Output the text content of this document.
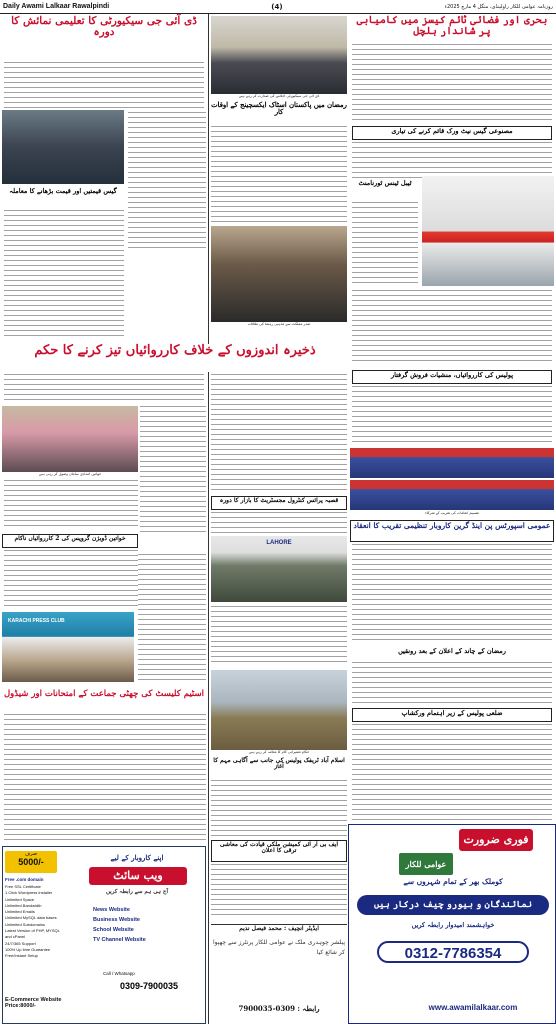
Daily Awami Lalkaar Rawalpindi	(4)	روزنامہ عوامی للکار راولپنڈی، منگل 4 مارچ 2025ء
بحری اور فضائی ٹائم کیسز میں کامیابی پر شاندار ہلچل
مصنوعی گیس نیٹ ورک قائم کرنے کی تیاری
ٹیبل ٹینس ٹورنامنٹ
پولیس کی کارروائیاں، منشیات فروش گرفتار
تقسیم انعامات کی تقریب کے شرکاء
عمومی اسپورٹس پن اینڈ گرین کاروبار تنظیمی تقریب کا انعقاد
رمضان کے چاند کے اعلان کے بعد رونقیں
ضلعی پولیس کے زیر اہتمام ورکشاپ
فوری ضرورت
عوامی للکار
کوملک بھر کے تمام شہروں سے
نمائندگان و بیورو چیف درکار ہیں
خواہشمند امیدوار رابطہ کریں
0312-7786354
www.awamilalkaar.com
ڈی آئی جی سیکیورٹی اجلاس کی صدارت کر رہے ہیں
رمضان میں پاکستان اسٹاک ایکسچینج کے اوقات کار
صدر مملکت سے مذہبی رہنما کی ملاقات
قصبہ پرائس کنٹرول مجسٹریٹ کا بازار کا دورہ
LAHORE
حکام تعمیراتی کام کا معائنہ کر رہے ہیں
اسلام آباد ٹریفک پولیس کی جانب سے آگاہی مہم کا آغاز
ایف بی آر آئی کمیشن ملکی قیادت کی معاشی ترقی کا اعلان
ایڈیٹر انچیف : محمد فیصل ندیم
پبلشر چوہدری ملک نے عوامی للکار پرنٹرز سے چھپوا کر شائع کیا
رابطہ : 0309-7900035
ڈی آئی جی سیکیورٹی کا تعلیمی نمائش کا دورہ
گیس قیمتیں اور قیمت بڑھانے کا معاملہ
ذخیرہ اندوزوں کے خلاف کارروائیاں تیز کرنے کا حکم
خواتین امدادی سامان وصول کر رہی ہیں
خواتین ڈویژن گروپس کی 2 کارروائیاں ناکام
KARACHI PRESS CLUB
اسٹیم کلیسٹ کی چھٹی جماعت کے امتحانات اور شیڈول
صرف
5000/-
Free .com domain
Free SSL Certificate
1 Click Wordpress installer
Unlimited Space
Unlimited Bandwidth
Unlimited Emails
Unlimited MySQL data bases
Unlimited Subdomains
Latest Version of PHP, MYSQL and cPanel
24/7/365 Support
100% Up time Guarantee
Free/Instant Setup
اپنے کاروبار کے لیے
ویب سائٹ
آج ہی ہم سے رابطہ کریں
News Website
Business Website
School Website
TV Channel Website
Call / Whatsapp
0309-7900035
E-Commerce Website Price:8000/-
